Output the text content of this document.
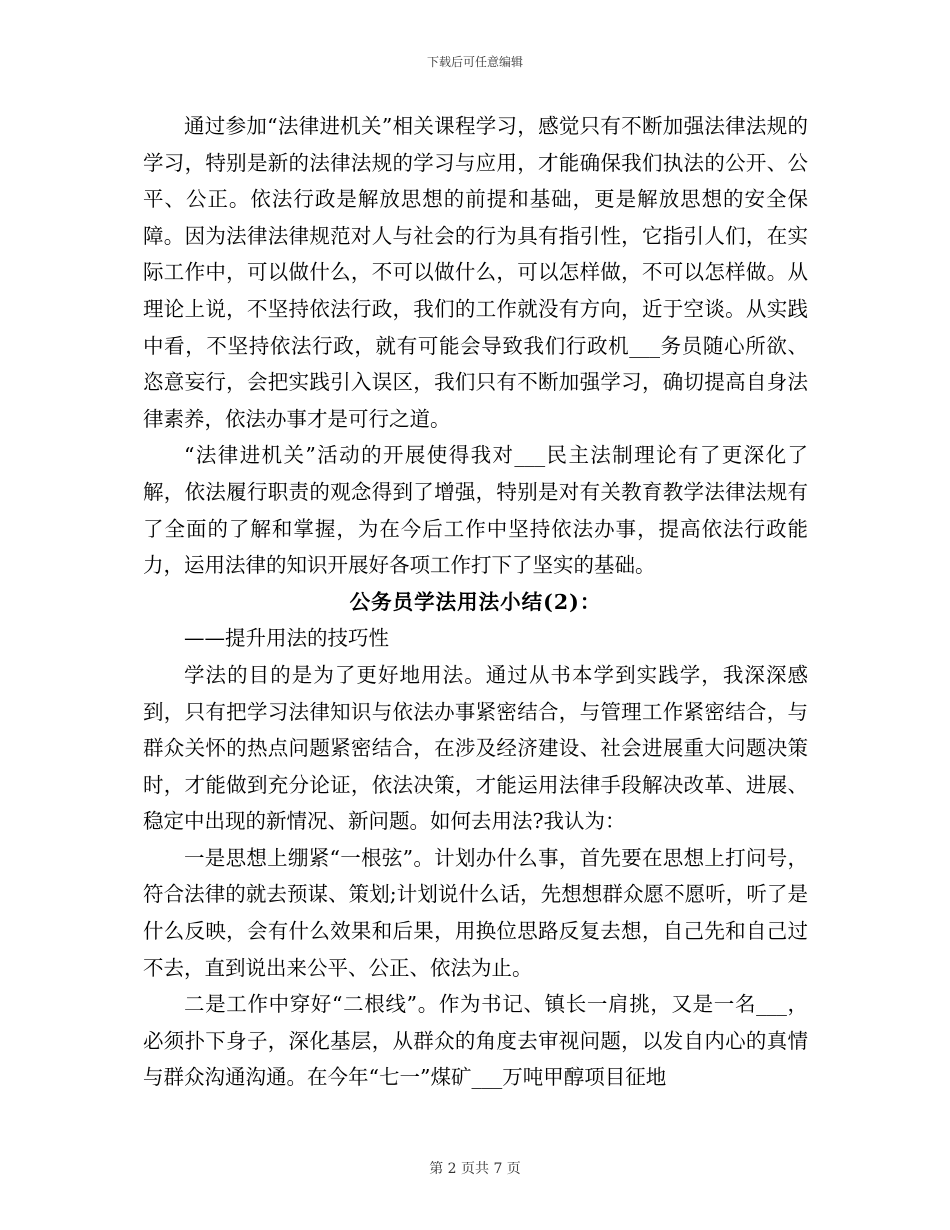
下载后可任意编辑

通过参加“法律进机关”相关课程学习，感觉只有不断加强法律法规的学习，特别是新的法律法规的学习与应用，才能确保我们执法的公开、公平、公正。依法行政是解放思想的前提和基础，更是解放思想的安全保障。因为法律法律规范对人与社会的行为具有指引性，它指引人们，在实际工作中，可以做什么，不可以做什么，可以怎样做，不可以怎样做。从理论上说，不坚持依法行政，我们的工作就没有方向，近于空谈。从实践中看，不坚持依法行政，就有可能会导致我们行政机___务员随心所欲、恣意妄行，会把实践引入误区，我们只有不断加强学习，确切提高自身法律素养，依法办事才是可行之道。

“法律进机关”活动的开展使得我对___民主法制理论有了更深化了解，依法履行职责的观念得到了增强，特别是对有关教育教学法律法规有了全面的了解和掌握，为在今后工作中坚持依法办事，提高依法行政能力，运用法律的知识开展好各项工作打下了坚实的基础。

公务员学法用法小结(2)：

——提升用法的技巧性

学法的目的是为了更好地用法。通过从书本学到实践学，我深深感到，只有把学习法律知识与依法办事紧密结合，与管理工作紧密结合，与群众关怀的热点问题紧密结合，在涉及经济建设、社会进展重大问题决策时，才能做到充分论证，依法决策，才能运用法律手段解决改革、进展、稳定中出现的新情况、新问题。如何去用法?我认为：

一是思想上绷紧“一根弦”。计划办什么事，首先要在思想上打问号，符合法律的就去预谋、策划;计划说什么话，先想想群众愿不愿听，听了是什么反映，会有什么效果和后果，用换位思路反复去想，自己先和自己过不去，直到说出来公平、公正、依法为止。

二是工作中穿好“二根线”。作为书记、镇长一肩挑，又是一名___，必须扑下身子，深化基层，从群众的角度去审视问题，以发自内心的真情与群众沟通沟通。在今年“七一”煤矿___万吨甲醇项目征地

第 2 页共 7 页
